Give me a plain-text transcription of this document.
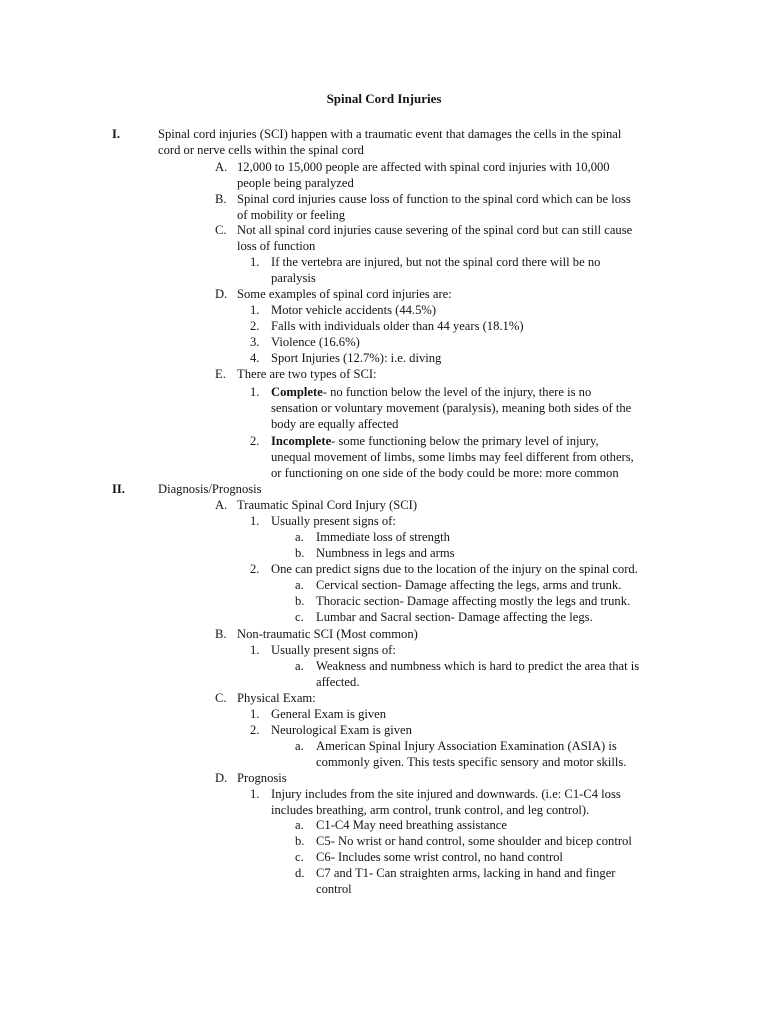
Spinal Cord Injuries
I.	Spinal cord injuries (SCI) happen with a traumatic event that damages the cells in the spinal
cord or nerve cells within the spinal cord
A. 12,000 to 15,000 people are affected with spinal cord injuries with 10,000
people being paralyzed
B. Spinal cord injuries cause loss of function to the spinal cord which can be loss
of mobility or feeling
C. Not all spinal cord injuries cause severing of the spinal cord but can still cause
loss of function
1. If the vertebra are injured, but not the spinal cord there will be no
paralysis
D. Some examples of spinal cord injuries are:
1. Motor vehicle accidents (44.5%)
2. Falls with individuals older than 44 years (18.1%)
3. Violence (16.6%)
4. Sport Injuries (12.7%): i.e. diving
E. There are two types of SCI:
1. Complete- no function below the level of the injury, there is no
sensation or voluntary movement (paralysis), meaning both sides of the
body are equally affected
2. Incomplete- some functioning below the primary level of injury,
unequal movement of limbs, some limbs may feel different from others,
or functioning on one side of the body could be more: more common
II.	Diagnosis/Prognosis
A. Traumatic Spinal Cord Injury (SCI)
1. Usually present signs of:
a. Immediate loss of strength
b. Numbness in legs and arms
2. One can predict signs due to the location of the injury on the spinal cord.
a. Cervical section- Damage affecting the legs, arms and trunk.
b. Thoracic section- Damage affecting mostly the legs and trunk.
c. Lumbar and Sacral section- Damage affecting the legs.
B. Non-traumatic SCI (Most common)
1. Usually present signs of:
a. Weakness and numbness which is hard to predict the area that is
affected.
C. Physical Exam:
1. General Exam is given
2. Neurological Exam is given
a. American Spinal Injury Association Examination (ASIA) is
commonly given. This tests specific sensory and motor skills.
D. Prognosis
1. Injury includes from the site injured and downwards. (i.e: C1-C4 loss
includes breathing, arm control, trunk control, and leg control).
a. C1-C4 May need breathing assistance
b. C5- No wrist or hand control, some shoulder and bicep control
c. C6- Includes some wrist control, no hand control
d. C7 and T1- Can straighten arms, lacking in hand and finger
control
